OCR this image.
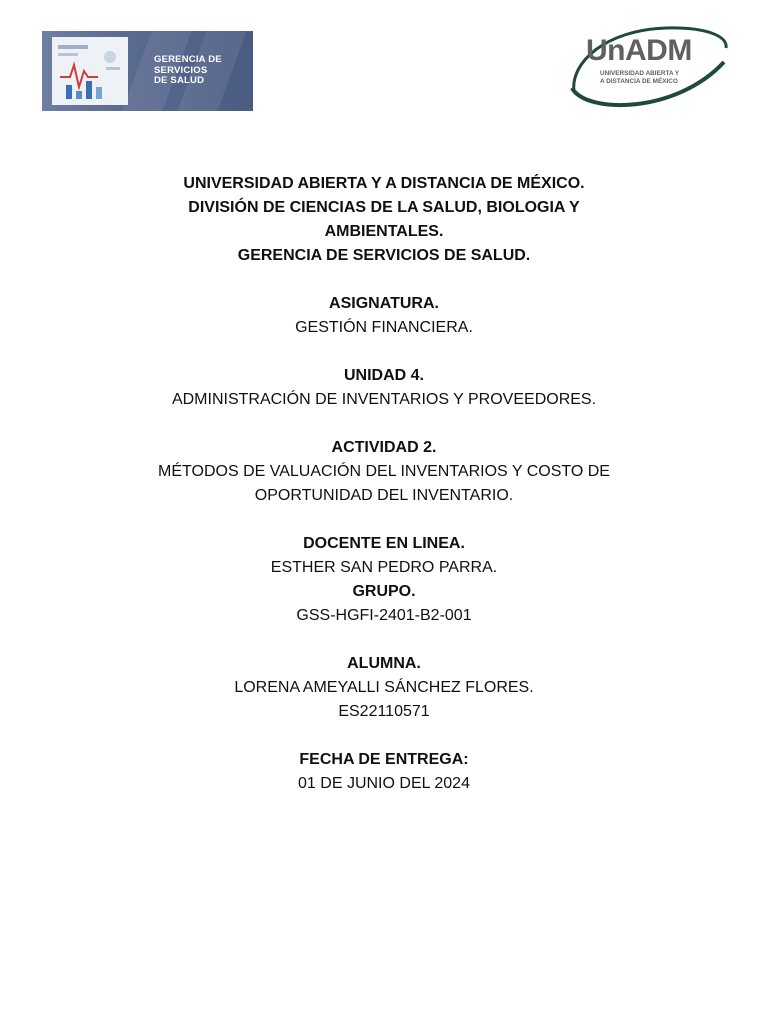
GERENCIA DE
SERVICIOS
DE SALUD
UnADM
UNIVERSIDAD ABIERTA Y
A DISTANCIA DE MÉXICO
UNIVERSIDAD ABIERTA Y A DISTANCIA DE MÉXICO.
DIVISIÓN DE CIENCIAS DE LA SALUD, BIOLOGIA Y
AMBIENTALES.
GERENCIA DE SERVICIOS DE SALUD.
ASIGNATURA.
GESTIÓN FINANCIERA.
UNIDAD 4.
ADMINISTRACIÓN DE INVENTARIOS Y PROVEEDORES.
ACTIVIDAD 2.
MÉTODOS DE VALUACIÓN DEL INVENTARIOS Y COSTO DE
OPORTUNIDAD DEL INVENTARIO.
DOCENTE EN LINEA.
ESTHER SAN PEDRO PARRA.
GRUPO.
GSS-HGFI-2401-B2-001
ALUMNA.
LORENA AMEYALLI SÁNCHEZ FLORES.
ES22110571
FECHA DE ENTREGA:
01 DE JUNIO DEL 2024
